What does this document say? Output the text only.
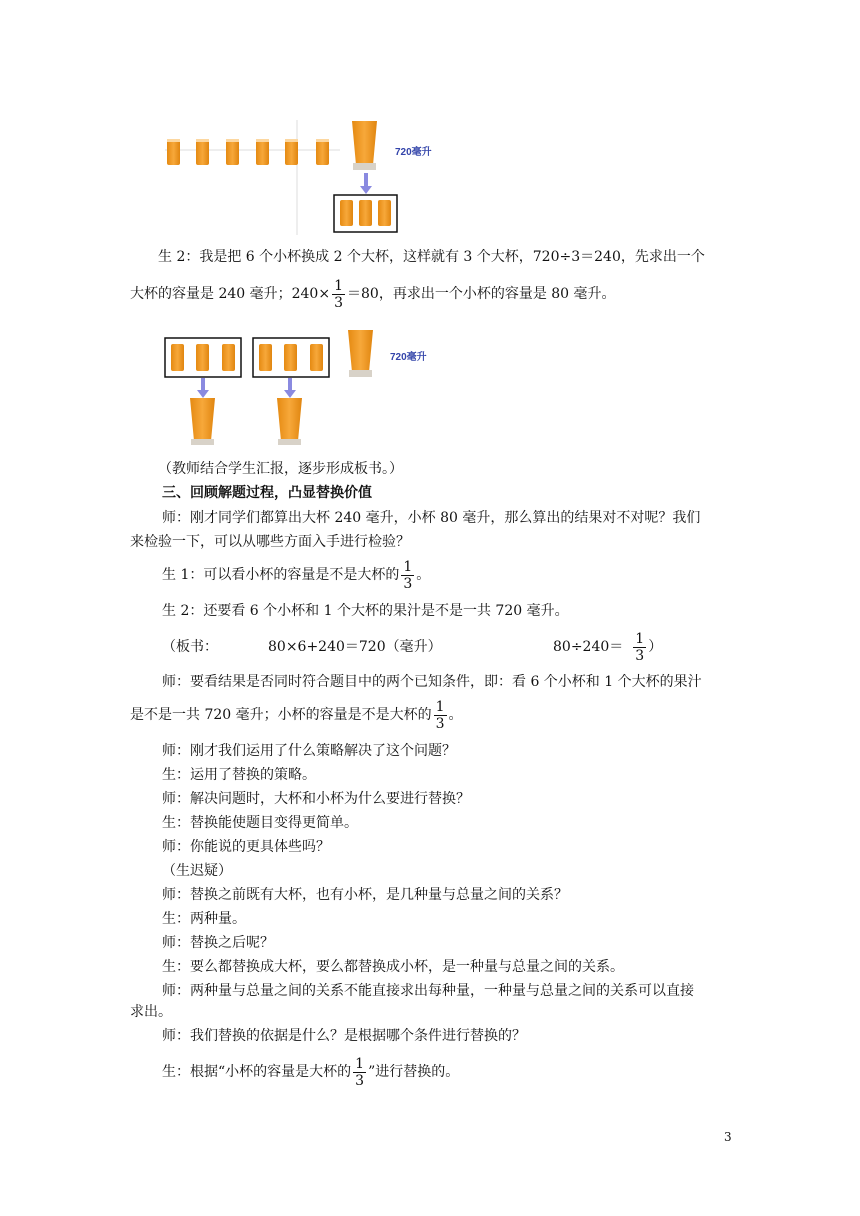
720毫升
720毫升
生 2：我是把 6 个小杯换成 2 个大杯，这样就有 3 个大杯，720÷3＝240，先求出一个
大杯的容量是 240 毫升；$240\times \frac{1}{3} =80$，再求出一个小杯的容量是 80 毫升。
（教师结合学生汇报，逐步形成板书。）
三、回顾解题过程，凸显替换价值
师：刚才同学们都算出大杯 240 毫升，小杯 80 毫升，那么算出的结果对不对呢？我们
来检验一下，可以从哪些方面入手进行检验？
生 1：可以看小杯的容量是不是大杯的 $\frac{1}{3}$ 。
生 2：还要看 6 个小杯和 1 个大杯的果汁是不是一共 720 毫升。
（板书：	80×6+240＝720（毫升）	$80\div 240= \frac{1}{3}$ ）
师：要看结果是否同时符合题目中的两个已知条件，即：看 6 个小杯和 1 个大杯的果汁
是不是一共 720 毫升；小杯的容量是不是大杯的 $\frac{1}{3}$ 。
师：刚才我们运用了什么策略解决了这个问题？
生：运用了替换的策略。
师：解决问题时，大杯和小杯为什么要进行替换？
生：替换能使题目变得更简单。
师：你能说的更具体些吗？
（生迟疑）
师：替换之前既有大杯，也有小杯，是几种量与总量之间的关系？
生：两种量。
师：替换之后呢？
生：要么都替换成大杯，要么都替换成小杯，是一种量与总量之间的关系。
师：两种量与总量之间的关系不能直接求出每种量，一种量与总量之间的关系可以直接
求出。
师：我们替换的依据是什么？是根据哪个条件进行替换的？
生：根据“小杯的容量是大杯的 $\frac{1}{3}$ ”进行替换的。
3
